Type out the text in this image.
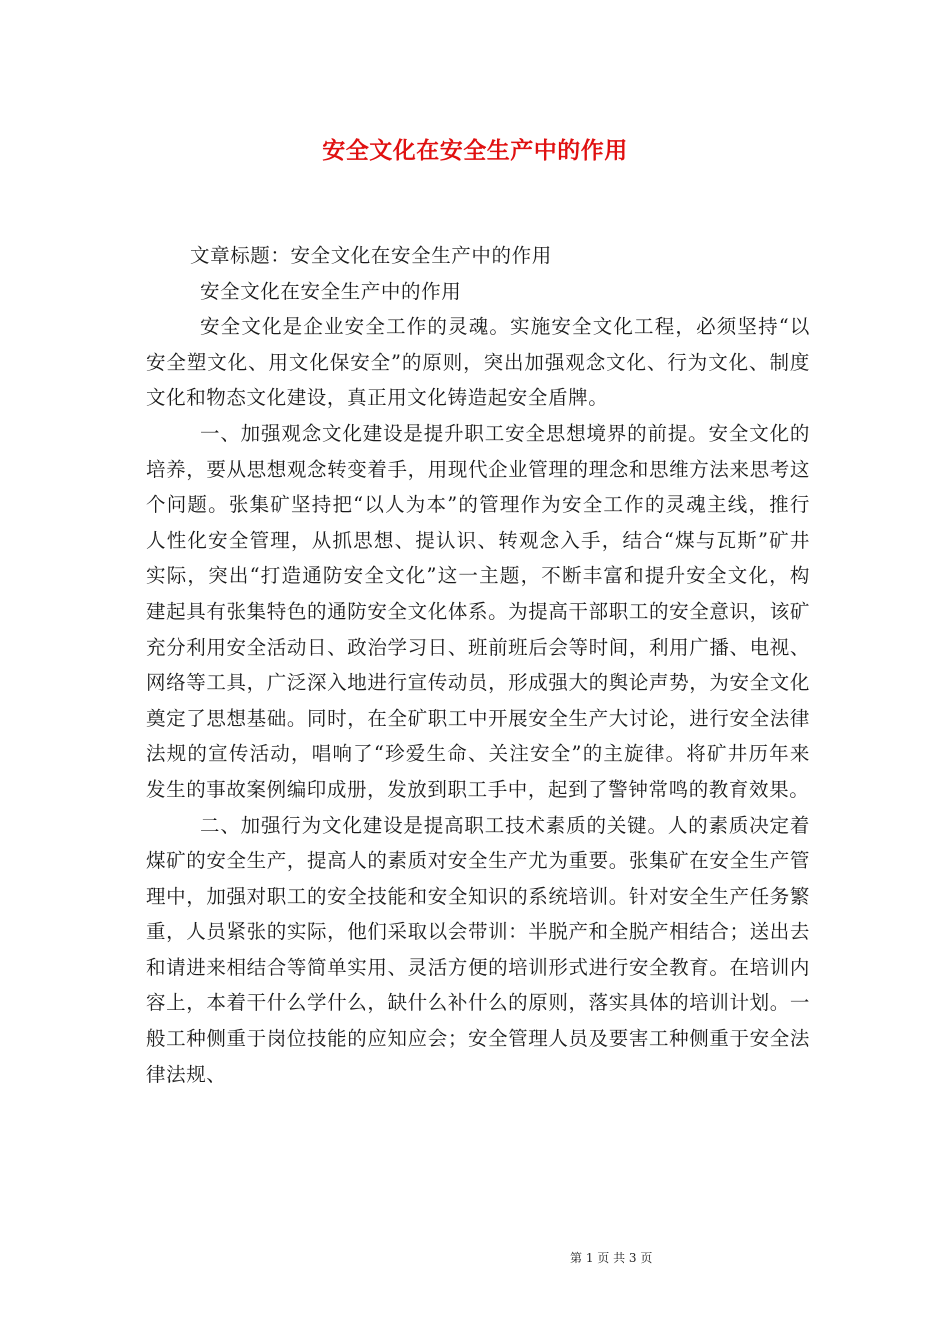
安全文化在安全生产中的作用

文章标题：安全文化在安全生产中的作用

安全文化在安全生产中的作用

安全文化是企业安全工作的灵魂。实施安全文化工程，必须坚持“以安全塑文化、用文化保安全”的原则，突出加强观念文化、行为文化、制度文化和物态文化建设，真正用文化铸造起安全盾牌。

一、加强观念文化建设是提升职工安全思想境界的前提。安全文化的培养，要从思想观念转变着手，用现代企业管理的理念和思维方法来思考这个问题。张集矿坚持把“以人为本”的管理作为安全工作的灵魂主线，推行人性化安全管理，从抓思想、提认识、转观念入手，结合“煤与瓦斯”矿井实际，突出“打造通防安全文化”这一主题，不断丰富和提升安全文化，构建起具有张集特色的通防安全文化体系。为提高干部职工的安全意识，该矿充分利用安全活动日、政治学习日、班前班后会等时间，利用广播、电视、网络等工具，广泛深入地进行宣传动员，形成强大的舆论声势，为安全文化奠定了思想基础。同时，在全矿职工中开展安全生产大讨论，进行安全法律法规的宣传活动，唱响了“珍爱生命、关注安全”的主旋律。将矿井历年来发生的事故案例编印成册，发放到职工手中，起到了警钟常鸣的教育效果。

二、加强行为文化建设是提高职工技术素质的关键。人的素质决定着煤矿的安全生产，提高人的素质对安全生产尤为重要。张集矿在安全生产管理中，加强对职工的安全技能和安全知识的系统培训。针对安全生产任务繁重，人员紧张的实际，他们采取以会带训：半脱产和全脱产相结合；送出去和请进来相结合等简单实用、灵活方便的培训形式进行安全教育。在培训内容上，本着干什么学什么，缺什么补什么的原则，落实具体的培训计划。一般工种侧重于岗位技能的应知应会；安全管理人员及要害工种侧重于安全法律法规、

第 1 页 共 3 页
